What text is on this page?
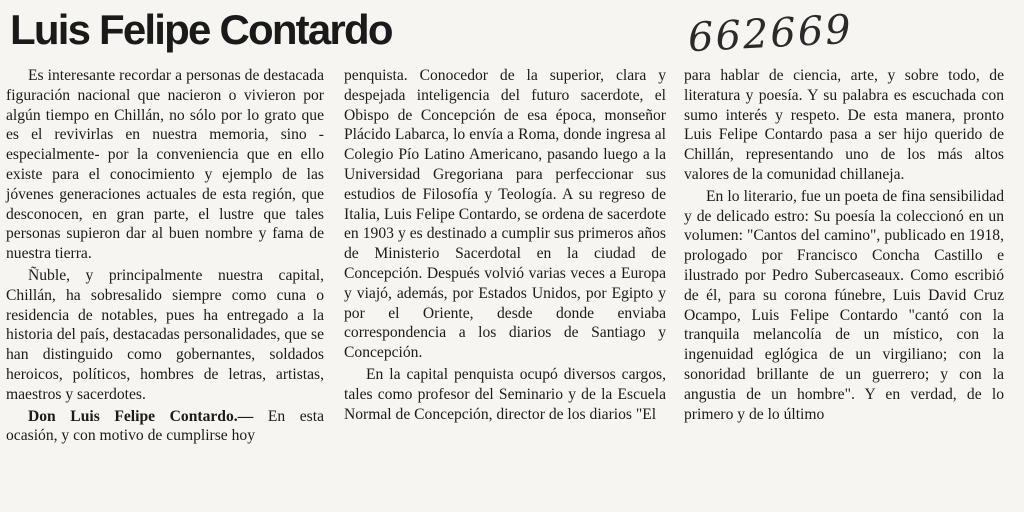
Luis Felipe Contardo	662669

Es interesante recordar a personas de destacada figuración nacional que nacieron o vivieron por algún tiempo en Chillán, no sólo por lo grato que es el revivirlas en nuestra memoria, sino -especialmente- por la conveniencia que en ello existe para el conocimiento y ejemplo de las jóvenes generaciones actuales de esta región, que desconocen, en gran parte, el lustre que tales personas supieron dar al buen nombre y fama de nuestra tierra.

Ñuble, y principalmente nuestra capital, Chillán, ha sobresalido siempre como cuna o residencia de notables, pues ha entregado a la historia del país, destacadas personalidades, que se han distinguido como gobernantes, soldados heroicos, políticos, hombres de letras, artistas, maestros y sacerdotes.

Don Luis Felipe Contardo.— En esta ocasión, y con motivo de cumplirse hoy

penquista. Conocedor de la superior, clara y despejada inteligencia del futuro sacerdote, el Obispo de Concepción de esa época, monseñor Plácido Labarca, lo envía a Roma, donde ingresa al Colegio Pío Latino Americano, pasando luego a la Universidad Gregoriana para perfeccionar sus estudios de Filosofía y Teología. A su regreso de Italia, Luis Felipe Contardo, se ordena de sacerdote en 1903 y es destinado a cumplir sus primeros años de Ministerio Sacerdotal en la ciudad de Concepción. Después volvió varias veces a Europa y viajó, además, por Estados Unidos, por Egipto y por el Oriente, desde donde enviaba correspondencia a los diarios de Santiago y Concepción.

En la capital penquista ocupó diversos cargos, tales como profesor del Seminario y de la Escuela Normal de Concepción, director de los diarios "El

para hablar de ciencia, arte, y sobre todo, de literatura y poesía. Y su palabra es escuchada con sumo interés y respeto. De esta manera, pronto Luis Felipe Contardo pasa a ser hijo querido de Chillán, representando uno de los más altos valores de la comunidad chillaneja.

En lo literario, fue un poeta de fina sensibilidad y de delicado estro: Su poesía la coleccionó en un volumen: "Cantos del camino", publicado en 1918, prologado por Francisco Concha Castillo e ilustrado por Pedro Subercaseaux. Como escribió de él, para su corona fúnebre, Luis David Cruz Ocampo, Luis Felipe Contardo "cantó con la tranquila melancolía de un místico, con la ingenuidad eglógica de un virgiliano; con la sonoridad brillante de un guerrero; y con la angustia de un hombre". Y en verdad, de lo primero y de lo último
